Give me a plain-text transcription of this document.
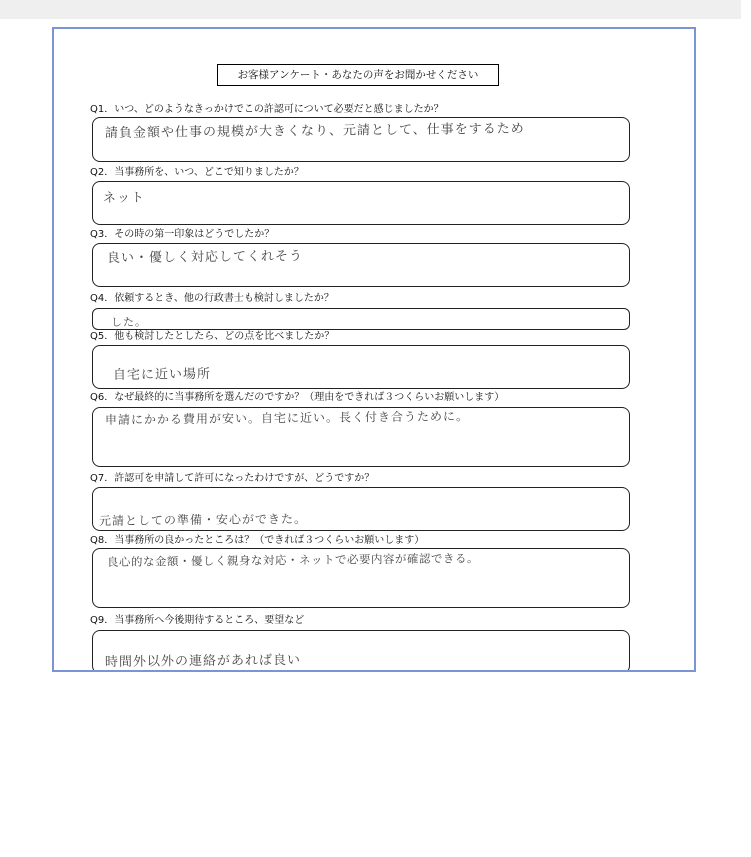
お客様アンケート・あなたの声をお聞かせください
Q1．いつ、どのようなきっかけでこの許認可について必要だと感じましたか？
請負金額や仕事の規模が大きくなり、元請として、仕事をするため
Q2．当事務所を、いつ、どこで知りましたか？
ネット
Q3．その時の第一印象はどうでしたか？
良い・優しく対応してくれそう
Q4．依頼するとき、他の行政書士も検討しましたか？
した。
Q5．他も検討したとしたら、どの点を比べましたか？
自宅に近い場所
Q6．なぜ最終的に当事務所を選んだのですか？（理由をできれば３つくらいお願いします）
申請にかかる費用が安い。自宅に近い。長く付き合うために。
Q7．許認可を申請して許可になったわけですが、どうですか？
元請としての準備・安心ができた。
Q8．当事務所の良かったところは？（できれば３つくらいお願いします）
良心的な金額・優しく親身な対応・ネットで必要内容が確認できる。
Q9．当事務所へ今後期待するところ、要望など
時間外以外の連絡があれば良い
